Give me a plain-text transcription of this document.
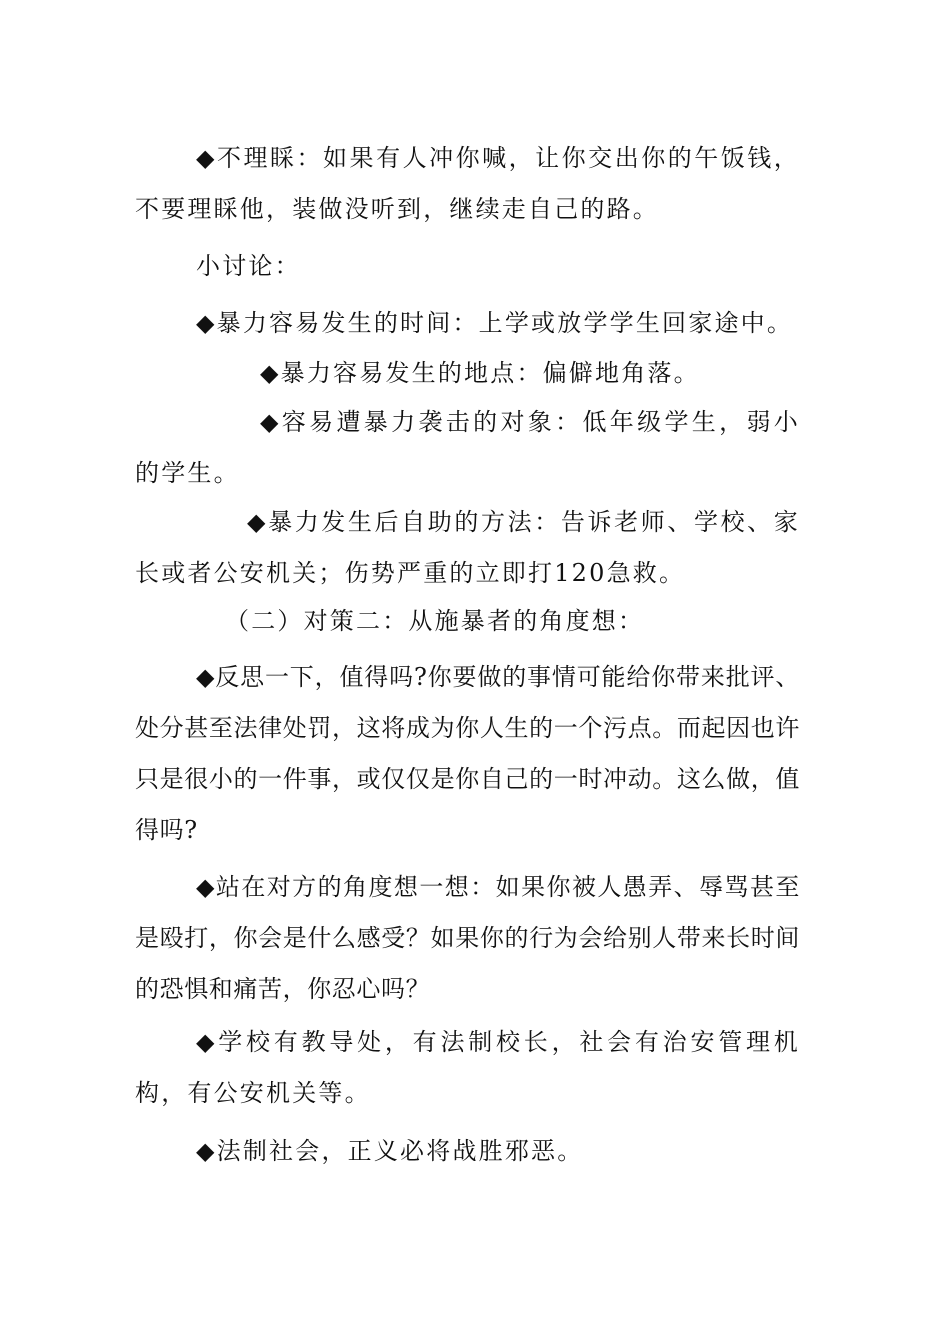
◆不理睬：如果有人冲你喊，让你交出你的午饭钱，不要理睬他，装做没听到，继续走自己的路。

小讨论：

◆暴力容易发生的时间：上学或放学学生回家途中。

◆暴力容易发生的地点：偏僻地角落。

◆容易遭暴力袭击的对象：低年级学生，弱小的学生。

◆暴力发生后自助的方法：告诉老师、学校、家长或者公安机关；伤势严重的立即打120急救。

（二）对策二：从施暴者的角度想：

◆反思一下，值得吗?你要做的事情可能给你带来批评、处分甚至法律处罚，这将成为你人生的一个污点。而起因也许只是很小的一件事，或仅仅是你自己的一时冲动。这么做，值得吗?

◆站在对方的角度想一想：如果你被人愚弄、辱骂甚至是殴打，你会是什么感受？如果你的行为会给别人带来长时间的恐惧和痛苦，你忍心吗？

◆学校有教导处，有法制校长，社会有治安管理机构，有公安机关等。

◆法制社会，正义必将战胜邪恶。
